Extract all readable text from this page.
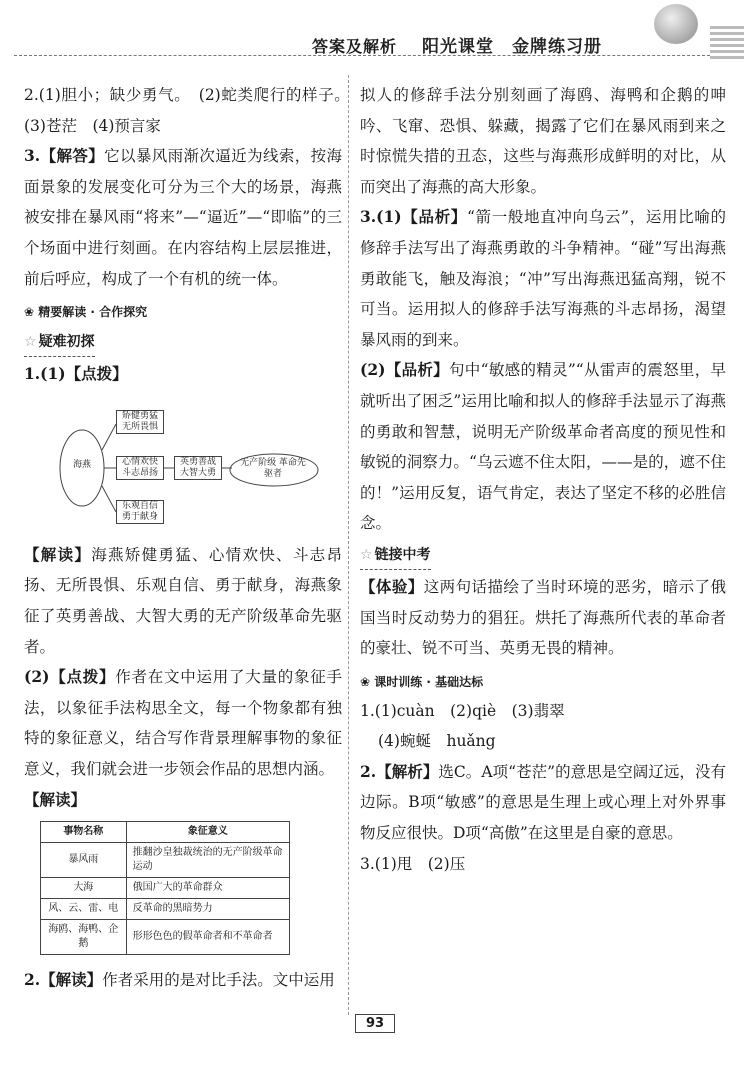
答案及解析 阳光课堂　金牌练习册

2.(1)胆小；缺少勇气。　(2)蛇类爬行的样子。　(3)苍茫　(4)预言家

3.【解答】它以暴风雨渐次逼近为线索，按海面景象的发展变化可分为三个大的场景，海燕被安排在暴风雨“将来”—“逼近”—“即临”的三个场面中进行刻画。在内容结构上层层推进，前后呼应，构成了一个有机的统一体。

❀ 精要解读 · 合作探究
☆ 疑难初探

1.(1)【点拨】

海燕
矫健勇猛 无所畏惧
心情欢快 斗志昂扬
乐观自信 勇于献身
英勇善战 大智大勇
无产阶级 革命先驱者

【解读】海燕矫健勇猛、心情欢快、斗志昂扬、无所畏惧、乐观自信、勇于献身，海燕象征了英勇善战、大智大勇的无产阶级革命先驱者。

(2)【点拨】作者在文中运用了大量的象征手法，以象征手法构思全文，每一个物象都有独特的象征意义，结合写作背景理解事物的象征意义，我们就会进一步领会作品的思想内涵。

【解读】

事物名称	象征意义
暴风雨	推翻沙皇独裁统治的无产阶级革命运动
大海	俄国广大的革命群众
风、云、雷、电	反革命的黑暗势力
海鸥、海鸭、企鹅	形形色色的假革命者和不革命者

2.【解读】作者采用的是对比手法。文中运用

拟人的修辞手法分别刻画了海鸥、海鸭和企鹅的呻吟、飞窜、恐惧、躲藏，揭露了它们在暴风雨到来之时惊慌失措的丑态，这些与海燕形成鲜明的对比，从而突出了海燕的高大形象。

3.(1)【品析】“箭一般地直冲向乌云”，运用比喻的修辞手法写出了海燕勇敢的斗争精神。“碰”写出海燕勇敢能飞，触及海浪；“冲”写出海燕迅猛高翔，锐不可当。运用拟人的修辞手法写海燕的斗志昂扬，渴望暴风雨的到来。

(2)【品析】句中“敏感的精灵”“从雷声的震怒里，早就听出了困乏”运用比喻和拟人的修辞手法显示了海燕的勇敢和智慧，说明无产阶级革命者高度的预见性和敏锐的洞察力。“乌云遮不住太阳，——是的，遮不住的！”运用反复，语气肯定，表达了坚定不移的必胜信念。

☆ 链接中考

【体验】这两句话描绘了当时环境的恶劣，暗示了俄国当时反动势力的猖狂。烘托了海燕所代表的革命者的豪壮、锐不可当、英勇无畏的精神。

❀ 课时训练 · 基础达标

1.(1)cuàn　(2)qiè　(3)翡翠

(4)蜿蜒　huǎng

2.【解析】选C。A项“苍茫”的意思是空阔辽远，没有边际。B项“敏感”的意思是生理上或心理上对外界事物反应很快。D项“高傲”在这里是自豪的意思。

3.(1)甩　(2)压

93
